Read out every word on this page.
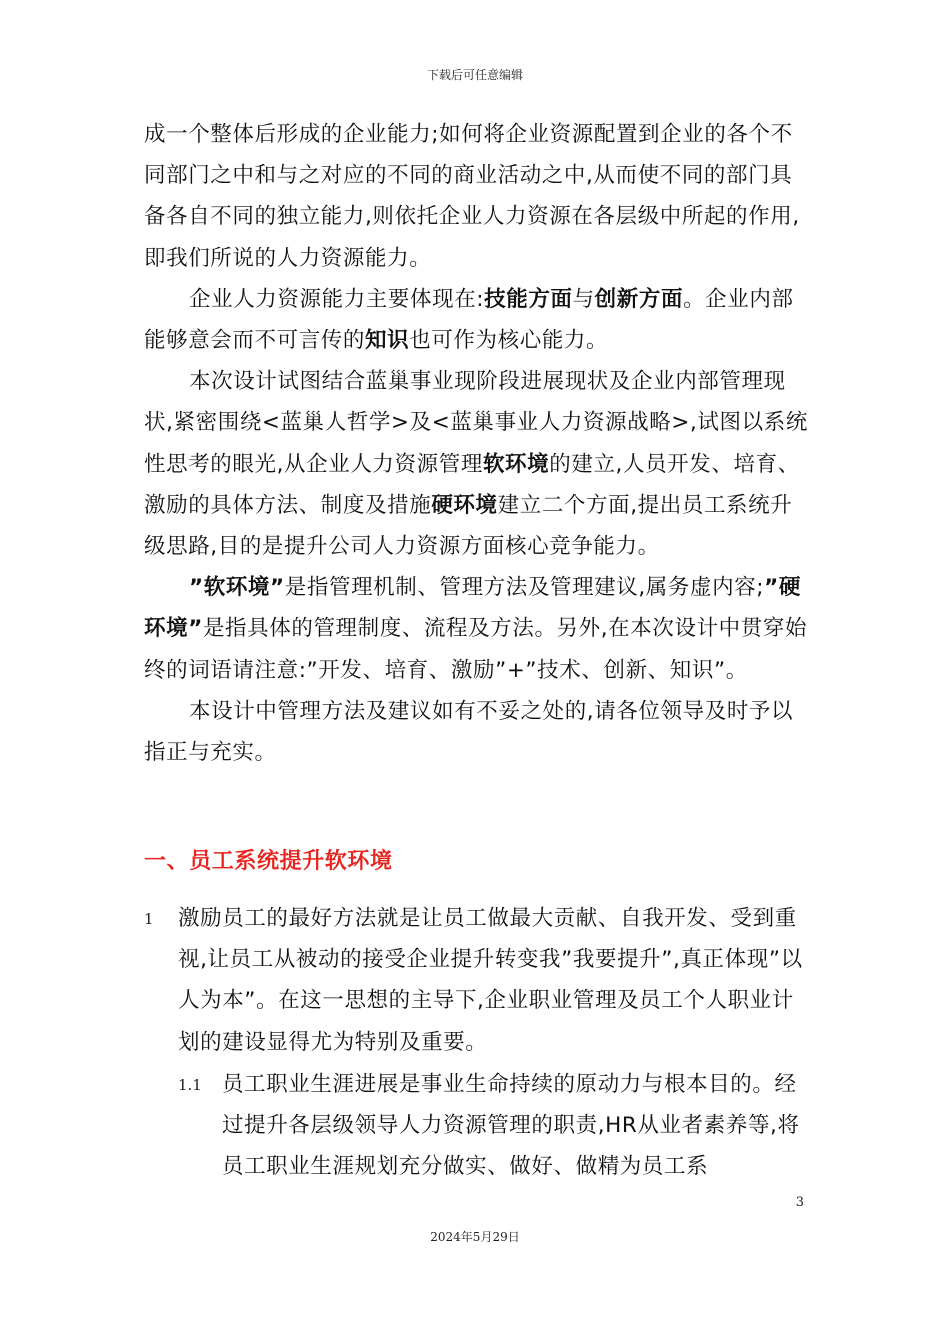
下载后可任意编辑

成一个整体后形成的企业能力;如何将企业资源配置到企业的各个不同部门之中和与之对应的不同的商业活动之中,从而使不同的部门具备各自不同的独立能力,则依托企业人力资源在各层级中所起的作用,即我们所说的人力资源能力。

企业人力资源能力主要体现在:技能方面与创新方面。企业内部能够意会而不可言传的知识也可作为核心能力。

本次设计试图结合蓝巢事业现阶段进展现状及企业内部管理现状,紧密围绕<蓝巢人哲学>及<蓝巢事业人力资源战略>,试图以系统性思考的眼光,从企业人力资源管理软环境的建立,人员开发、培育、激励的具体方法、制度及措施硬环境建立二个方面,提出员工系统升级思路,目的是提升公司人力资源方面核心竞争能力。

”软环境”是指管理机制、管理方法及管理建议,属务虚内容;”硬环境”是指具体的管理制度、流程及方法。另外,在本次设计中贯穿始终的词语请注意:”开发、培育、激励”+”技术、创新、知识”。

本设计中管理方法及建议如有不妥之处的,请各位领导及时予以指正与充实。

一、员工系统提升软环境
1 激励员工的最好方法就是让员工做最大贡献、自我开发、受到重视,让员工从被动的接受企业提升转变我”我要提升”,真正体现”以人为本”。在这一思想的主导下,企业职业管理及员工个人职业计划的建设显得尤为特别及重要。
1.1 员工职业生涯进展是事业生命持续的原动力与根本目的。经过提升各层级领导人力资源管理的职责,HR从业者素养等,将员工职业生涯规划充分做实、做好、做精为员工系
3
2024年5月29日
